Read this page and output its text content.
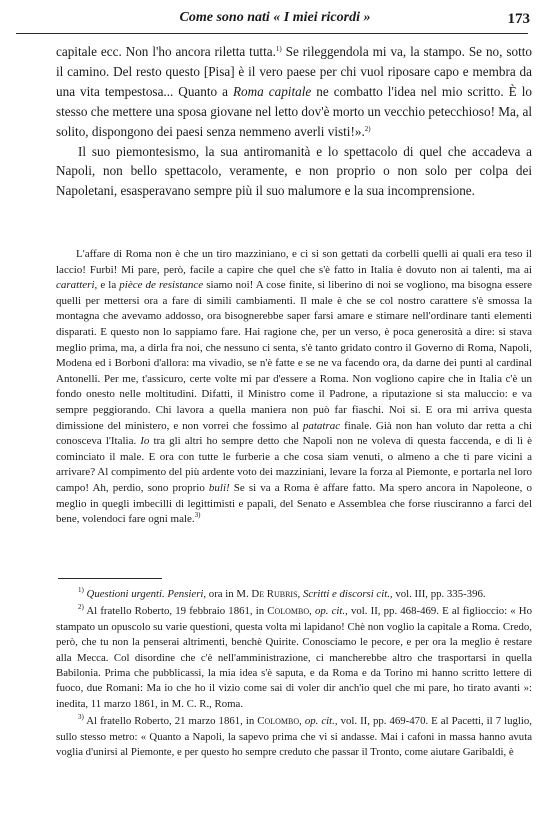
Come sono nati « I miei ricordi »	173

capitale ecc. Non l'ho ancora riletta tutta.$^{1)}$ Se rileggendola mi va, la stampo. Se no, sotto il camino. Del resto questo [Pisa] è il vero paese per chi vuol riposare capo e membra da una vita tempestosa... Quanto a Roma capitale ne combatto l'idea nel mio scritto. È lo stesso che mettere una sposa giovane nel letto dov'è morto un vecchio petecchioso! Ma, al solito, dispongono dei paesi senza nemmeno averli visti!».$^{2)}$

Il suo piemontesismo, la sua antiromanità e lo spettacolo di quel che accadeva a Napoli, non bello spettacolo, veramente, e non proprio o non solo per colpa dei Napoletani, esasperavano sempre più il suo malumore e la sua incomprensione.

L'affare di Roma non è che un tiro mazziniano, e ci si son gettati da corbelli quelli ai quali era teso il laccio! Furbi! Mi pare, però, facile a capire che quel che s'è fatto in Italia è dovuto non ai talenti, ma ai caratteri, e la pièce de resistance siamo noi! A cose finite, si liberino di noi se vogliono, ma bisogna essere quelli per mettersi ora a fare di simili cambiamenti. Il male è che se col nostro carattere s'è smossa la montagna che avevamo addosso, ora bisognerebbe saper farsi amare e stimare nell'ordinare tanti elementi disparati. E questo non lo sappiamo fare. Hai ragione che, per un verso, è poca generosità a dire: si stava meglio prima, ma, a dirla fra noi, che nessuno ci senta, s'è tanto gridato contro il Governo di Roma, Napoli, Modena ed i Borboni d'allora: ma vivadio, se n'è fatte e se ne va facendo ora, da darne dei punti al cardinal Antonelli. Per me, t'assicuro, certe volte mi par d'essere a Roma. Non vogliono capire che in Italia c'è un fondo onesto nelle moltitudini. Difatti, il Ministro come il Padrone, a riputazione si sta maluccio: e va sempre peggiorando. Chi lavora a quella maniera non può far fiaschi. Noi si. E ora mi arriva questa dimissione del ministero, e non vorrei che fossimo al patatrac finale. Già non han voluto dar retta a chi conosceva l'Italia. Io tra gli altri ho sempre detto che Napoli non ne voleva di questa faccenda, e di lì è cominciato il male. E ora con tutte le furberie a che cosa siam venuti, o almeno a che ti pare vicini a arrivare? Al compimento del più ardente voto dei mazziniani, levare la forza al Piemonte, e portarla nel loro campo! Ah, perdio, sono proprio buli! Se si va a Roma è affare fatto. Ma spero ancora in Napoleone, o meglio in quegli imbecilli di legittimisti e papali, del Senato e Assemblea che forse riusciranno a farci del bene, volendoci fare ogni male.$^{3)}$

$^{1)}$ Questioni urgenti. Pensieri, ora in M. De Rubris, Scritti e discorsi cit., vol. III, pp. 335-396.

$^{2)}$ Al fratello Roberto, 19 febbraio 1861, in Colombo, op. cit., vol. II, pp. 468-469. E al figlioccio: « Ho stampato un opuscolo su varie questioni, questa volta mi lapidano! Chè non voglio la capitale a Roma. Credo, però, che tu non la penserai altrimenti, benchè Quirite. Conosciamo le pecore, e per ora la meglio è restare alla Mecca. Col disordine che c'è nell'amministrazione, ci mancherebbe altro che trasportarsi in quella Babilonia. Prima che pubblicassi, la mia idea s'è saputa, e da Roma e da Torino mi hanno scritto lettere di fuoco, due Romani: Ma io che ho il vizio come sai di voler dir anch'io quel che mi pare, ho tirato avanti »: inedita, 11 marzo 1861, in M. C. R., Roma.

$^{3)}$ Al fratello Roberto, 21 marzo 1861, in Colombo, op. cit., vol. II, pp. 469-470. E al Pacetti, il 7 luglio, sullo stesso metro: « Quanto a Napoli, la sapevo prima che vi si andasse. Mai i cafoni in massa hanno avuta voglia d'unirsi al Piemonte, e per questo ho sempre creduto che passar il Tronto, come aiutare Garibaldi, è
